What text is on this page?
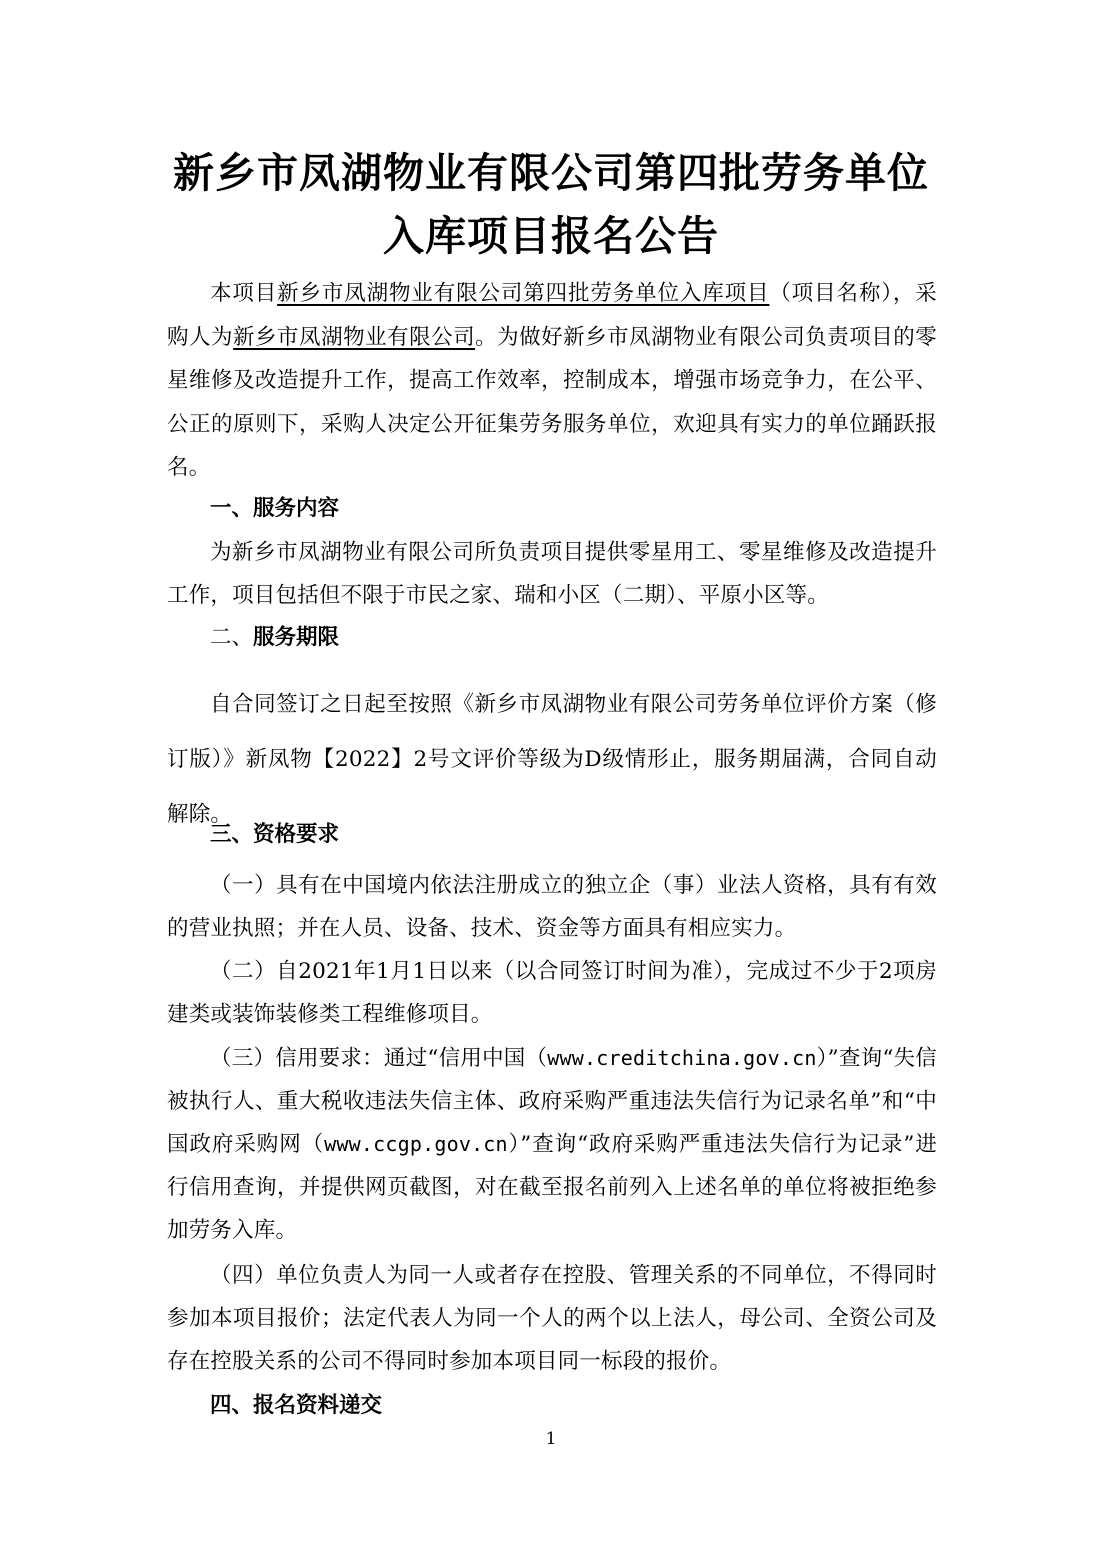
新乡市凤湖物业有限公司第四批劳务单位
入库项目报名公告
本项目新乡市凤湖物业有限公司第四批劳务单位入库项目（项目名称），采购人为新乡市凤湖物业有限公司。为做好新乡市凤湖物业有限公司负责项目的零星维修及改造提升工作，提高工作效率，控制成本，增强市场竞争力，在公平、公正的原则下，采购人决定公开征集劳务服务单位，欢迎具有实力的单位踊跃报名。
一、服务内容
为新乡市凤湖物业有限公司所负责项目提供零星用工、零星维修及改造提升工作，项目包括但不限于市民之家、瑞和小区（二期）、平原小区等。
二、服务期限
自合同签订之日起至按照《新乡市凤湖物业有限公司劳务单位评价方案（修订版）》新凤物【2022】2号文评价等级为D级情形止，服务期届满，合同自动解除。
三、资格要求
（一）具有在中国境内依法注册成立的独立企（事）业法人资格，具有有效的营业执照；并在人员、设备、技术、资金等方面具有相应实力。
（二）自2021年1月1日以来（以合同签订时间为准），完成过不少于2项房建类或装饰装修类工程维修项目。
（三）信用要求：通过“信用中国（www.creditchina.gov.cn）”查询“失信被执行人、重大税收违法失信主体、政府采购严重违法失信行为记录名单”和“中国政府采购网（www.ccgp.gov.cn）”查询“政府采购严重违法失信行为记录”进行信用查询，并提供网页截图，对在截至报名前列入上述名单的单位将被拒绝参加劳务入库。
（四）单位负责人为同一人或者存在控股、管理关系的不同单位，不得同时参加本项目报价；法定代表人为同一个人的两个以上法人，母公司、全资公司及存在控股关系的公司不得同时参加本项目同一标段的报价。
四、报名资料递交
1
